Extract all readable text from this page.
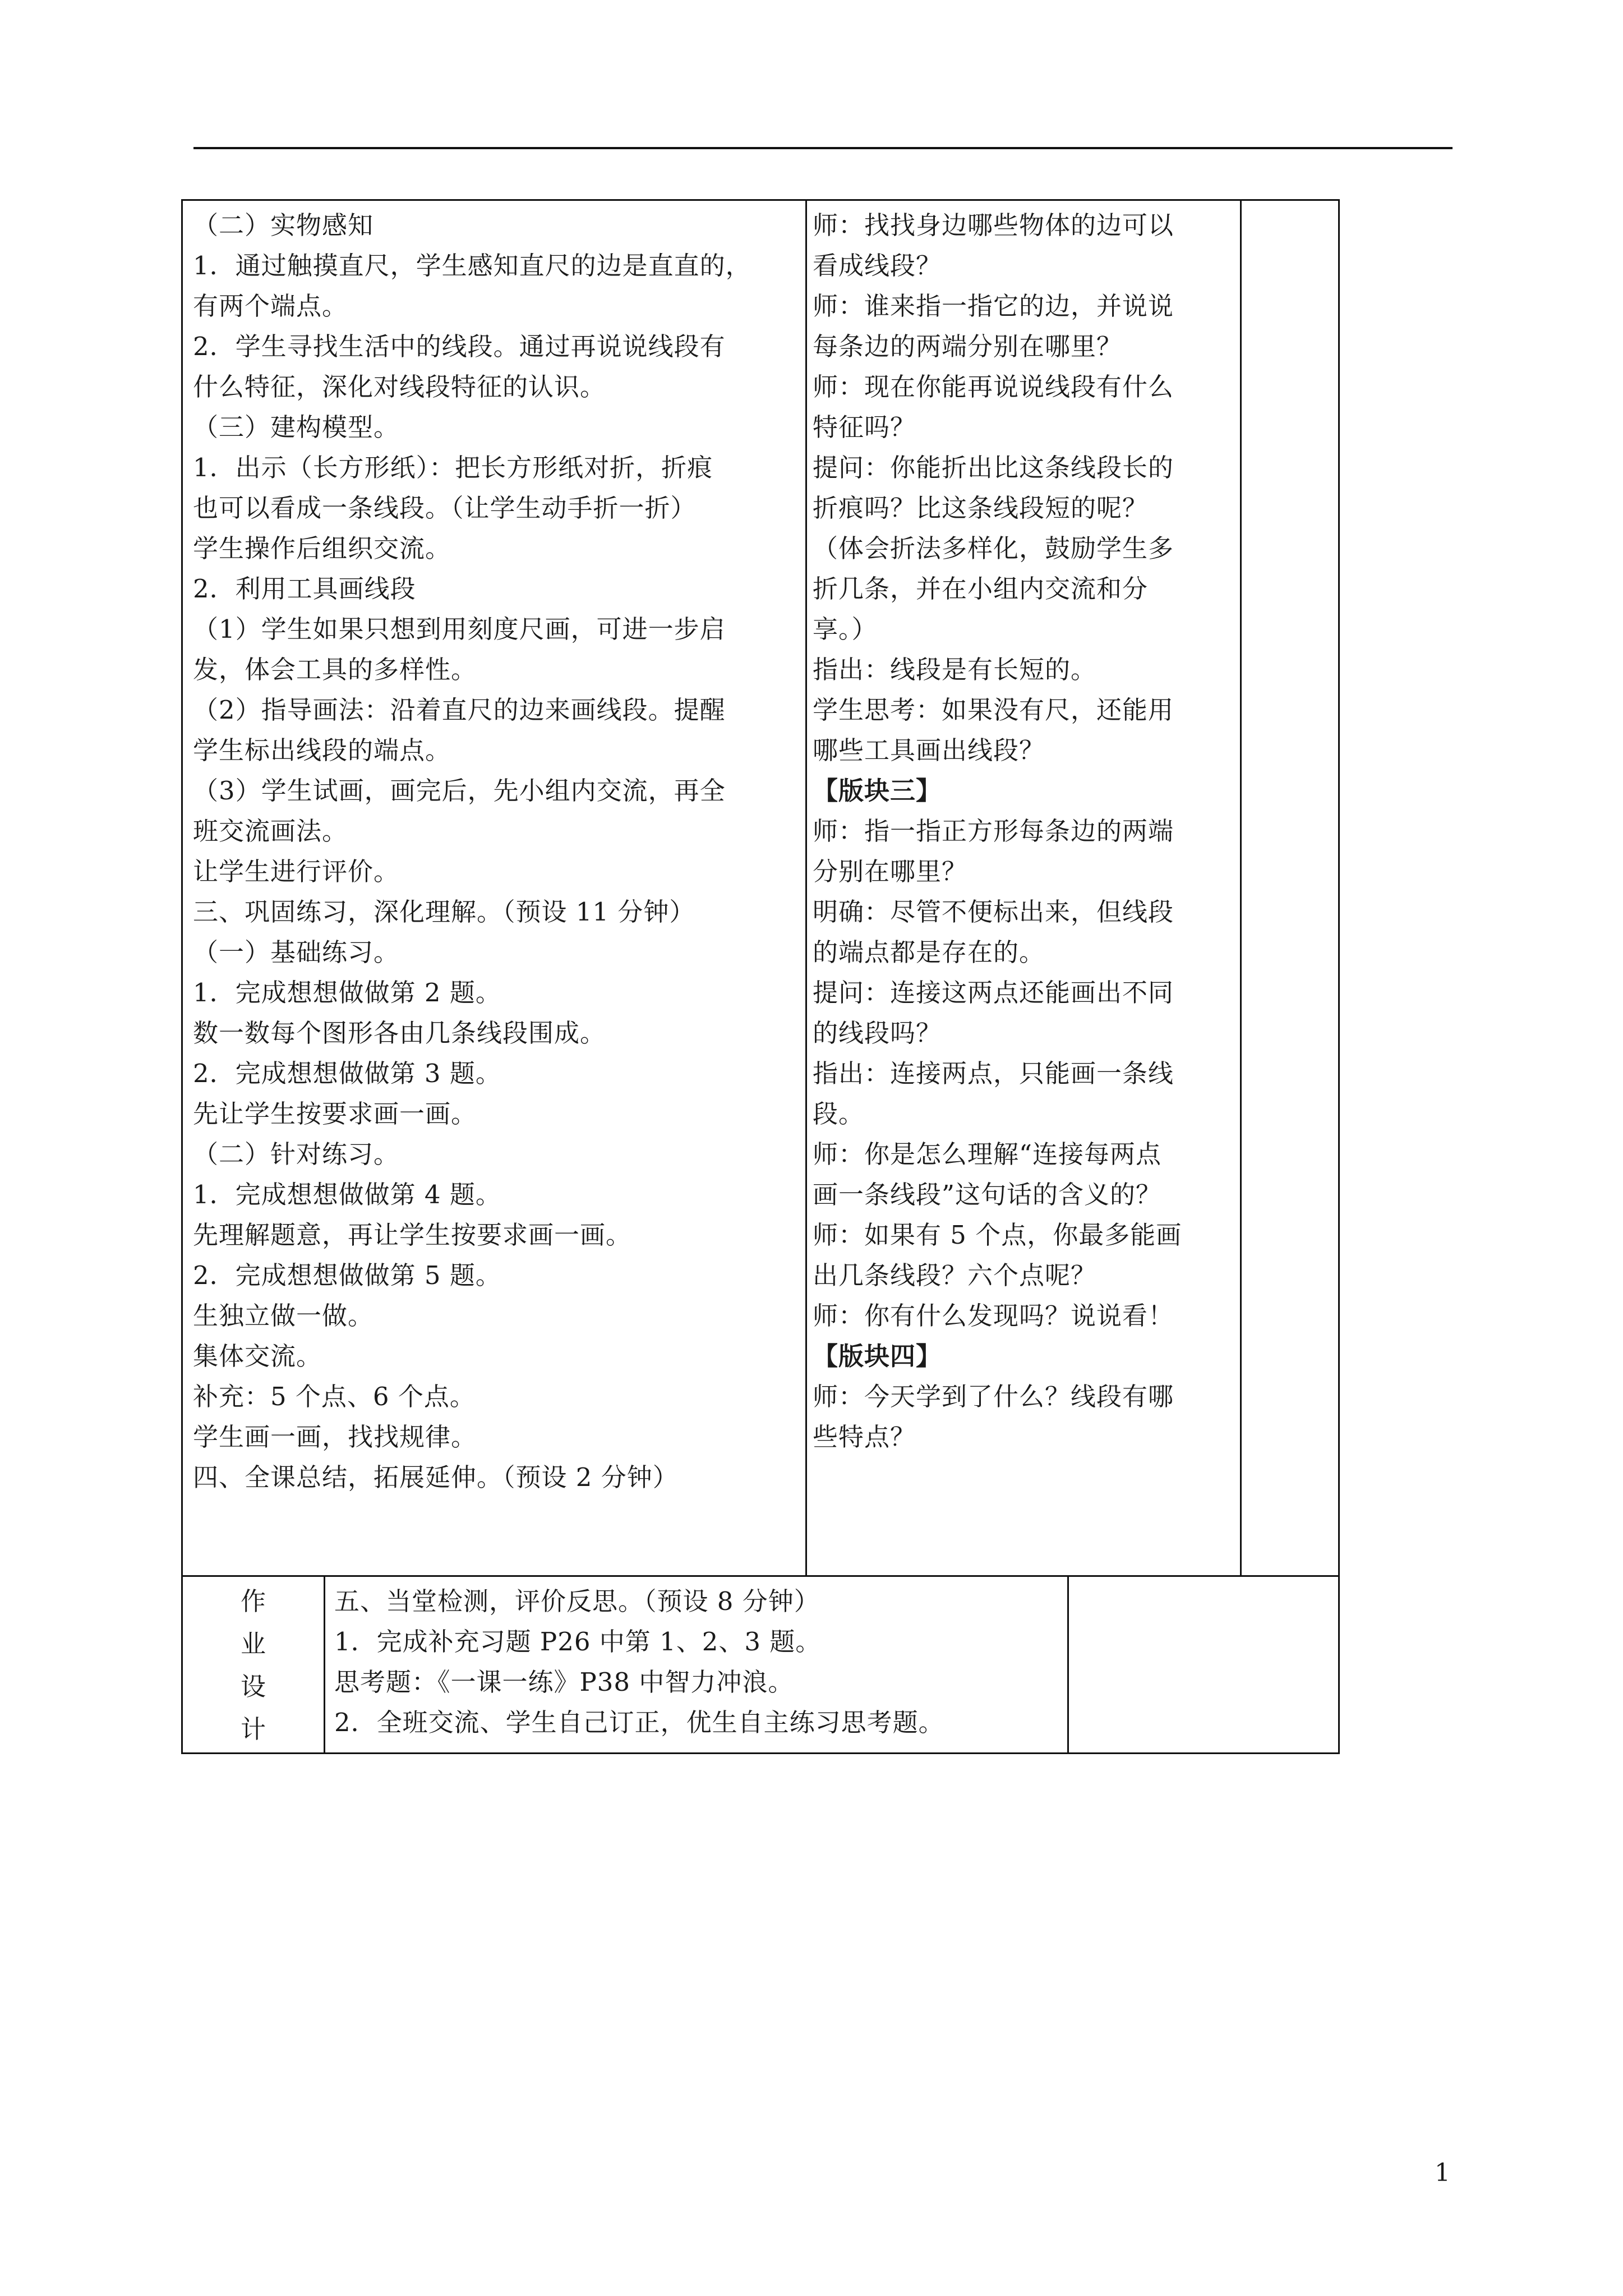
（二）实物感知
1．通过触摸直尺，学生感知直尺的边是直直的，
有两个端点。
2．学生寻找生活中的线段。通过再说说线段有
什么特征，深化对线段特征的认识。
（三）建构模型。
1．出示（长方形纸）：把长方形纸对折，折痕
也可以看成一条线段。（让学生动手折一折）
学生操作后组织交流。
2．利用工具画线段
（1）学生如果只想到用刻度尺画，可进一步启
发，体会工具的多样性。
（2）指导画法：沿着直尺的边来画线段。提醒
学生标出线段的端点。
（3）学生试画，画完后，先小组内交流，再全
班交流画法。
让学生进行评价。
三、巩固练习，深化理解。（预设 11 分钟）
（一）基础练习。
1．完成想想做做第 2 题。
数一数每个图形各由几条线段围成。
2．完成想想做做第 3 题。
先让学生按要求画一画。
（二）针对练习。
1．完成想想做做第 4 题。
先理解题意，再让学生按要求画一画。
2．完成想想做做第 5 题。
生独立做一做。
集体交流。
补充：5 个点、6 个点。
学生画一画，找找规律。
四、全课总结，拓展延伸。（预设 2 分钟）
师：找找身边哪些物体的边可以
看成线段？
师：谁来指一指它的边，并说说
每条边的两端分别在哪里？
师：现在你能再说说线段有什么
特征吗？
提问：你能折出比这条线段长的
折痕吗？比这条线段短的呢？
（体会折法多样化，鼓励学生多
折几条，并在小组内交流和分
享。）
指出：线段是有长短的。
学生思考：如果没有尺，还能用
哪些工具画出线段？
【版块三】
师：指一指正方形每条边的两端
分别在哪里？
明确：尽管不便标出来，但线段
的端点都是存在的。
提问：连接这两点还能画出不同
的线段吗？
指出：连接两点，只能画一条线
段。
师：你是怎么理解“连接每两点
画一条线段”这句话的含义的？
师：如果有 5 个点，你最多能画
出几条线段？六个点呢？
师：你有什么发现吗？说说看！
【版块四】
师：今天学到了什么？线段有哪
些特点？
作
业
设
计
五、当堂检测，评价反思。（预设 8 分钟）
1．完成补充习题 P26 中第 1、2、3 题。
思考题：《一课一练》P38 中智力冲浪。
2．全班交流、学生自己订正，优生自主练习思考题。
1
